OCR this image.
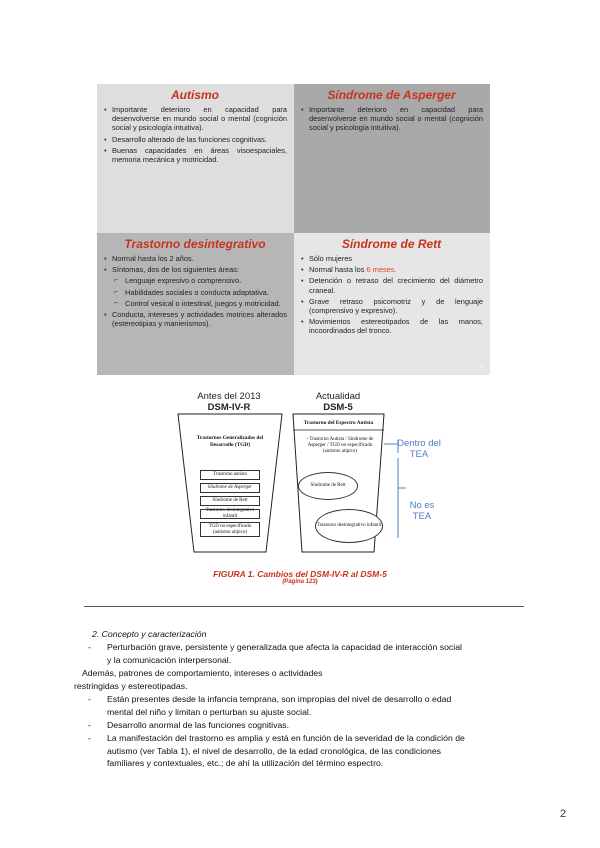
Autismo
• Importante deterioro en capacidad para desenvolverse en mundo social o mental (cognición social y psicología intuitiva).
• Desarrollo alterado de las funciones cognitivas.
• Buenas capacidades en áreas visoespaciales, memoria mecánica y motricidad.
Síndrome de Asperger
• Importante deterioro en capacidad para desenvolverse en mundo social o mental (cognición social y psicología intuitiva).
Trastorno desintegrativo
• Normal hasta los 2 años.
• Síntomas, dos de los siguientes áreas:
⌐ Lenguaje expresivo o comprensivo.
⌐ Habilidades sociales o conducta adaptativa.
⌐ Control vesical o intestinal, juegos y motricidad.
• Conducta, intereses y actividades motrices alterados (estereotipias y manierismos).
Síndrome de Rett
• Sólo mujeres
• Normal hasta los 6 meses.
• Detención o retraso del crecimiento del diámetro craneal.
• Grave retraso psicomotriz y de lenguaje (comprensivo y expresivo).
• Movimientos estereotipados de las manos, incoordinados del tronco.
P
Antes del 2013
DSM-IV-R
Actualidad
DSM-5
Trastornos Generalizados del Desarrollo (TGD)
Trastorno autista
Síndrome de Asperger
Síndrome de Rett
Trastorno desintegrativo infantil
TGD no especificado (autismo atípico)
Trastorno del Espectro Autista
- Trastorno Autista / Síndrome de Asperger / TGD no especificado (autismo atípico)
Síndrome de Rett
Trastorno desintegrativo infantil
Dentro del TEA
No es TEA
FIGURA 1. Cambios del DSM-IV-R al DSM-5
(Página 123)
2. Concepto y caracterización
- Perturbación grave, persistente y generalizada que afecta la capacidad de interacción social
y la comunicación interpersonal.
Además, patrones de comportamiento, intereses o actividades
restringidas y estereotipadas.
- Están presentes desde la infancia temprana, son impropias del nivel de desarrollo o edad
mental del niño y limitan o perturban su ajuste social.
- Desarrollo anormal de las funciones cognitivas.
- La manifestación del trastorno es amplia y está en función de la severidad de la condición de
autismo (ver Tabla 1), el nivel de desarrollo, de la edad cronológica, de las condiciones
familiares y contextuales, etc.; de ahí la utilización del término espectro.
2
